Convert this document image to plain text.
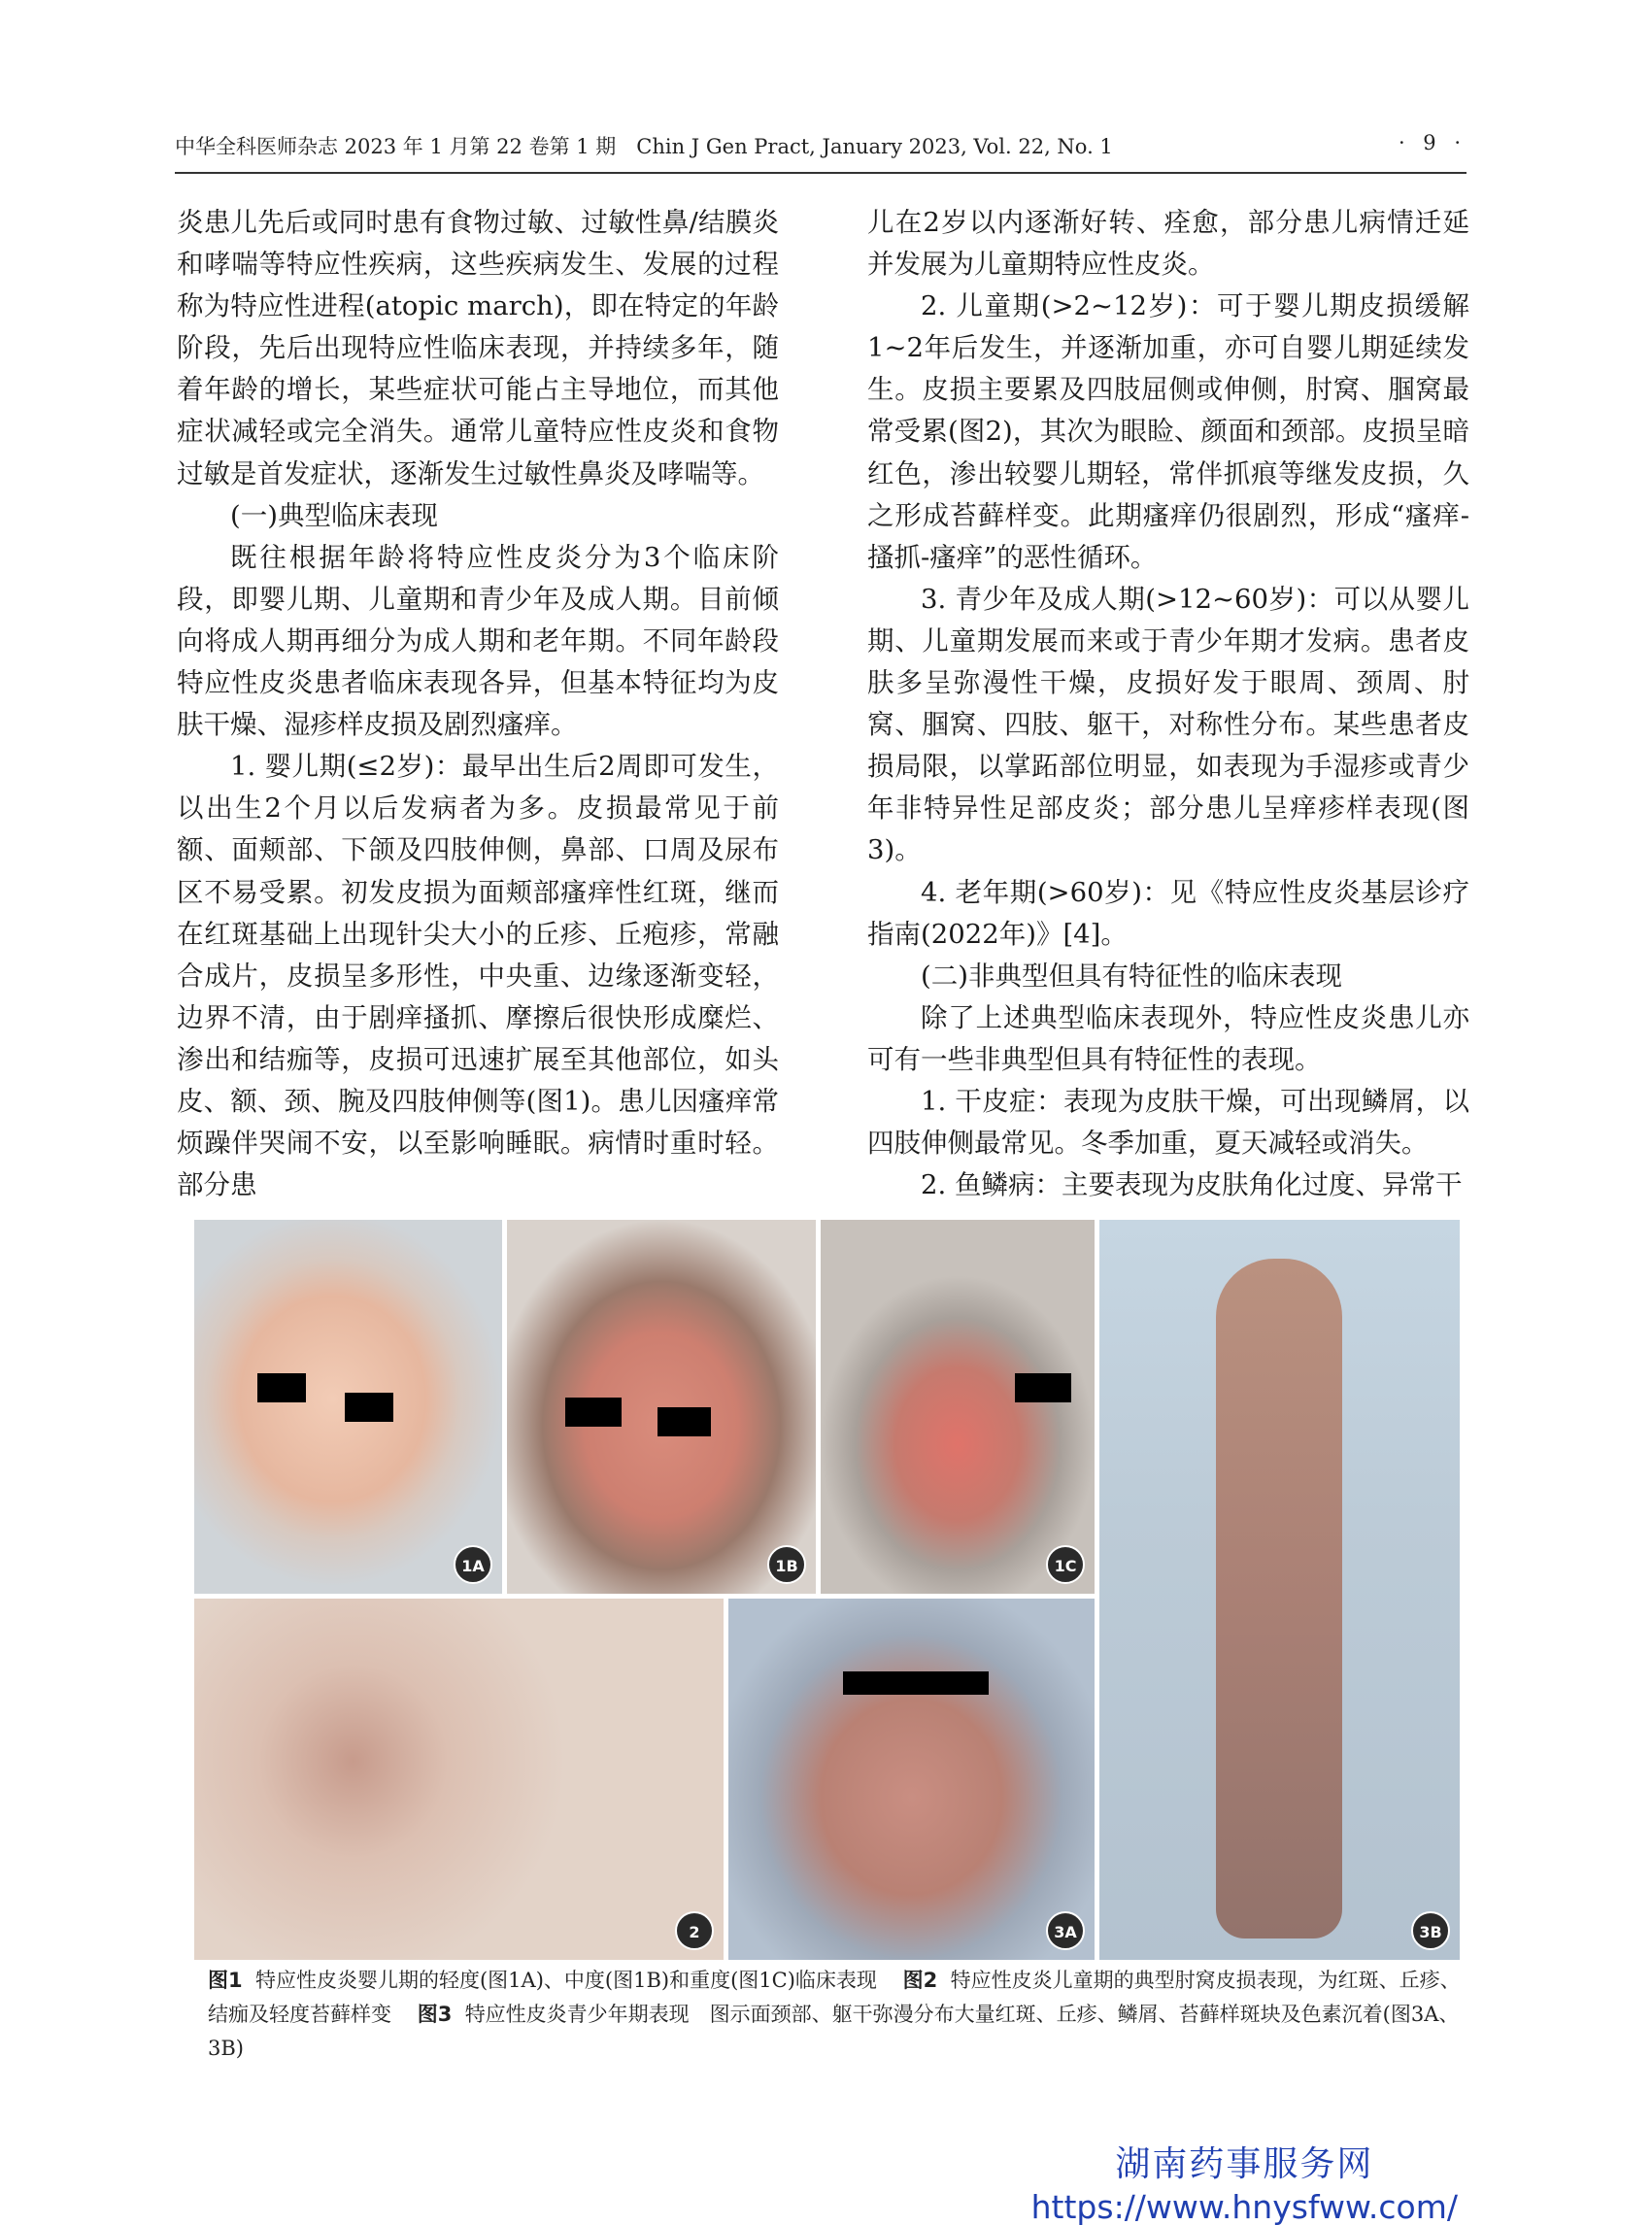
中华全科医师杂志 2023 年 1 月第 22 卷第 1 期　Chin J Gen Pract, January 2023, Vol. 22, No. 1	· 9 ·

炎患儿先后或同时患有食物过敏、过敏性鼻/结膜炎和哮喘等特应性疾病，这些疾病发生、发展的过程称为特应性进程(atopic march)，即在特定的年龄阶段，先后出现特应性临床表现，并持续多年，随着年龄的增长，某些症状可能占主导地位，而其他症状减轻或完全消失。通常儿童特应性皮炎和食物过敏是首发症状，逐渐发生过敏性鼻炎及哮喘等。

(一)典型临床表现

既往根据年龄将特应性皮炎分为3个临床阶段，即婴儿期、儿童期和青少年及成人期。目前倾向将成人期再细分为成人期和老年期。不同年龄段特应性皮炎患者临床表现各异，但基本特征均为皮肤干燥、湿疹样皮损及剧烈瘙痒。

1. 婴儿期(≤2岁)：最早出生后2周即可发生，以出生2个月以后发病者为多。皮损最常见于前额、面颊部、下颌及四肢伸侧，鼻部、口周及尿布区不易受累。初发皮损为面颊部瘙痒性红斑，继而在红斑基础上出现针尖大小的丘疹、丘疱疹，常融合成片，皮损呈多形性，中央重、边缘逐渐变轻，边界不清，由于剧痒搔抓、摩擦后很快形成糜烂、渗出和结痂等，皮损可迅速扩展至其他部位，如头皮、额、颈、腕及四肢伸侧等(图1)。患儿因瘙痒常烦躁伴哭闹不安，以至影响睡眠。病情时重时轻。部分患

儿在2岁以内逐渐好转、痊愈，部分患儿病情迁延并发展为儿童期特应性皮炎。

2. 儿童期(>2~12岁)：可于婴儿期皮损缓解1~2年后发生，并逐渐加重，亦可自婴儿期延续发生。皮损主要累及四肢屈侧或伸侧，肘窝、腘窝最常受累(图2)，其次为眼睑、颜面和颈部。皮损呈暗红色，渗出较婴儿期轻，常伴抓痕等继发皮损，久之形成苔藓样变。此期瘙痒仍很剧烈，形成“瘙痒-搔抓-瘙痒”的恶性循环。

3. 青少年及成人期(>12~60岁)：可以从婴儿期、儿童期发展而来或于青少年期才发病。患者皮肤多呈弥漫性干燥，皮损好发于眼周、颈周、肘窝、腘窝、四肢、躯干，对称性分布。某些患者皮损局限，以掌跖部位明显，如表现为手湿疹或青少年非特异性足部皮炎；部分患儿呈痒疹样表现(图3)。

4. 老年期(>60岁)：见《特应性皮炎基层诊疗指南(2022年)》[4]。

(二)非典型但具有特征性的临床表现

除了上述典型临床表现外，特应性皮炎患儿亦可有一些非典型但具有特征性的表现。

1. 干皮症：表现为皮肤干燥，可出现鳞屑，以四肢伸侧最常见。冬季加重，夏天减轻或消失。

2. 鱼鳞病：主要表现为皮肤角化过度、异常干

1A	1B	1C
3B
2	3A
图1 特应性皮炎婴儿期的轻度(图1A)、中度(图1B)和重度(图1C)临床表现 图2 特应性皮炎儿童期的典型肘窝皮损表现，为红斑、丘疹、结痂及轻度苔藓样变 图3 特应性皮炎青少年期表现　图示面颈部、躯干弥漫分布大量红斑、丘疹、鳞屑、苔藓样斑块及色素沉着(图3A、3B)
湖南药事服务网
https://www.hnysfww.com/
